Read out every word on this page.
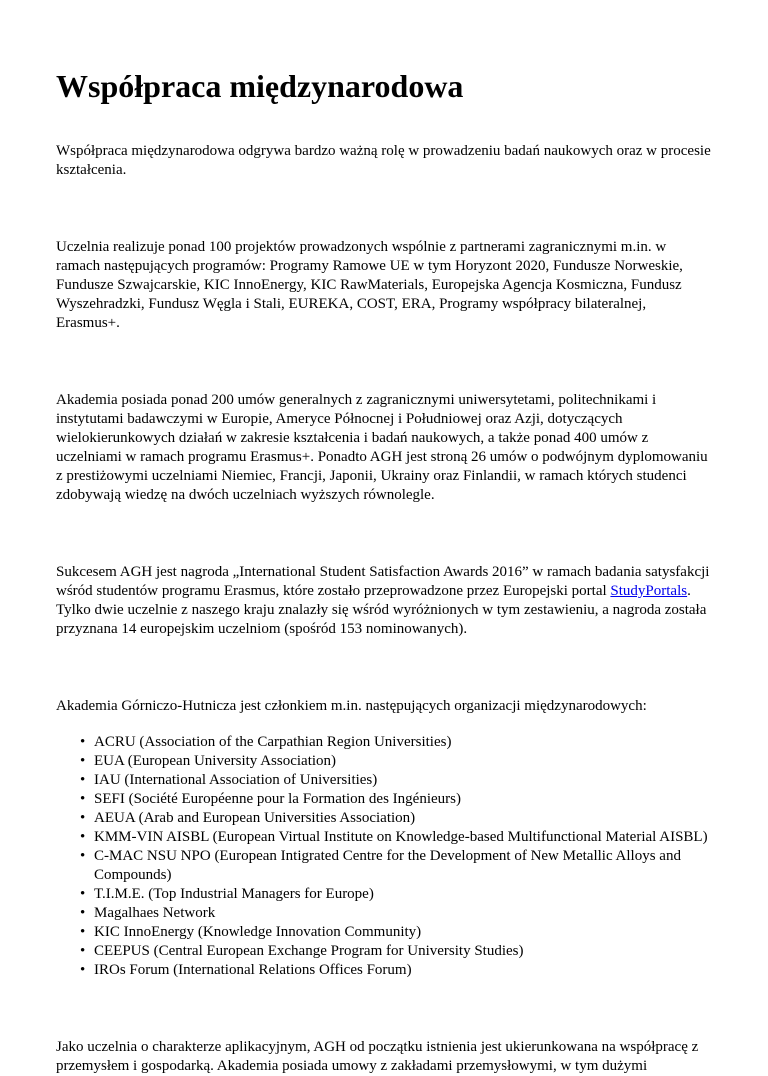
Współpraca międzynarodowa

Współpraca międzynarodowa odgrywa bardzo ważną rolę w prowadzeniu badań naukowych oraz w procesie kształcenia.

Uczelnia realizuje ponad 100 projektów prowadzonych wspólnie z partnerami zagranicznymi m.in. w ramach następujących programów: Programy Ramowe UE w tym Horyzont 2020, Fundusze Norweskie, Fundusze Szwajcarskie, KIC InnoEnergy, KIC RawMaterials, Europejska Agencja Kosmiczna, Fundusz Wyszehradzki, Fundusz Węgla i Stali, EUREKA, COST, ERA, Programy współpracy bilateralnej, Erasmus+.

Akademia posiada ponad 200 umów generalnych z zagranicznymi uniwersytetami, politechnikami i instytutami badawczymi w Europie, Ameryce Północnej i Południowej oraz Azji, dotyczących wielokierunkowych działań w zakresie kształcenia i badań naukowych, a także ponad 400 umów z uczelniami w ramach programu Erasmus+. Ponadto AGH jest stroną 26 umów o podwójnym dyplomowaniu z prestiżowymi uczelniami Niemiec, Francji, Japonii, Ukrainy oraz Finlandii, w ramach których studenci zdobywają wiedzę na dwóch uczelniach wyższych równolegle.

Sukcesem AGH jest nagroda „International Student Satisfaction Awards 2016” w ramach badania satysfakcji wśród studentów programu Erasmus, które zostało przeprowadzone przez Europejski portal StudyPortals. Tylko dwie uczelnie z naszego kraju znalazły się wśród wyróżnionych w tym zestawieniu, a nagroda została przyznana 14 europejskim uczelniom (spośród 153 nominowanych).

Akademia Górniczo-Hutnicza jest członkiem m.in. następujących organizacji międzynarodowych:

• ACRU (Association of the Carpathian Region Universities)
• EUA (European University Association)
• IAU (International Association of Universities)
• SEFI (Société Européenne pour la Formation des Ingénieurs)
• AEUA (Arab and European Universities Association)
• KMM-VIN AISBL (European Virtual Institute on Knowledge-based Multifunctional Material AISBL)
• C-MAC NSU NPO (European Intigrated Centre for the Development of New Metallic Alloys and Compounds)
• T.I.M.E. (Top Industrial Managers for Europe)
• Magalhaes Network
• KIC InnoEnergy (Knowledge Innovation Community)
• CEEPUS (Central European Exchange Program for University Studies)
• IROs Forum (International Relations Offices Forum)

Jako uczelnia o charakterze aplikacyjnym, AGH od początku istnienia jest ukierunkowana na współpracę z przemysłem i gospodarką. Akademia posiada umowy z zakładami przemysłowymi, w tym dużymi
